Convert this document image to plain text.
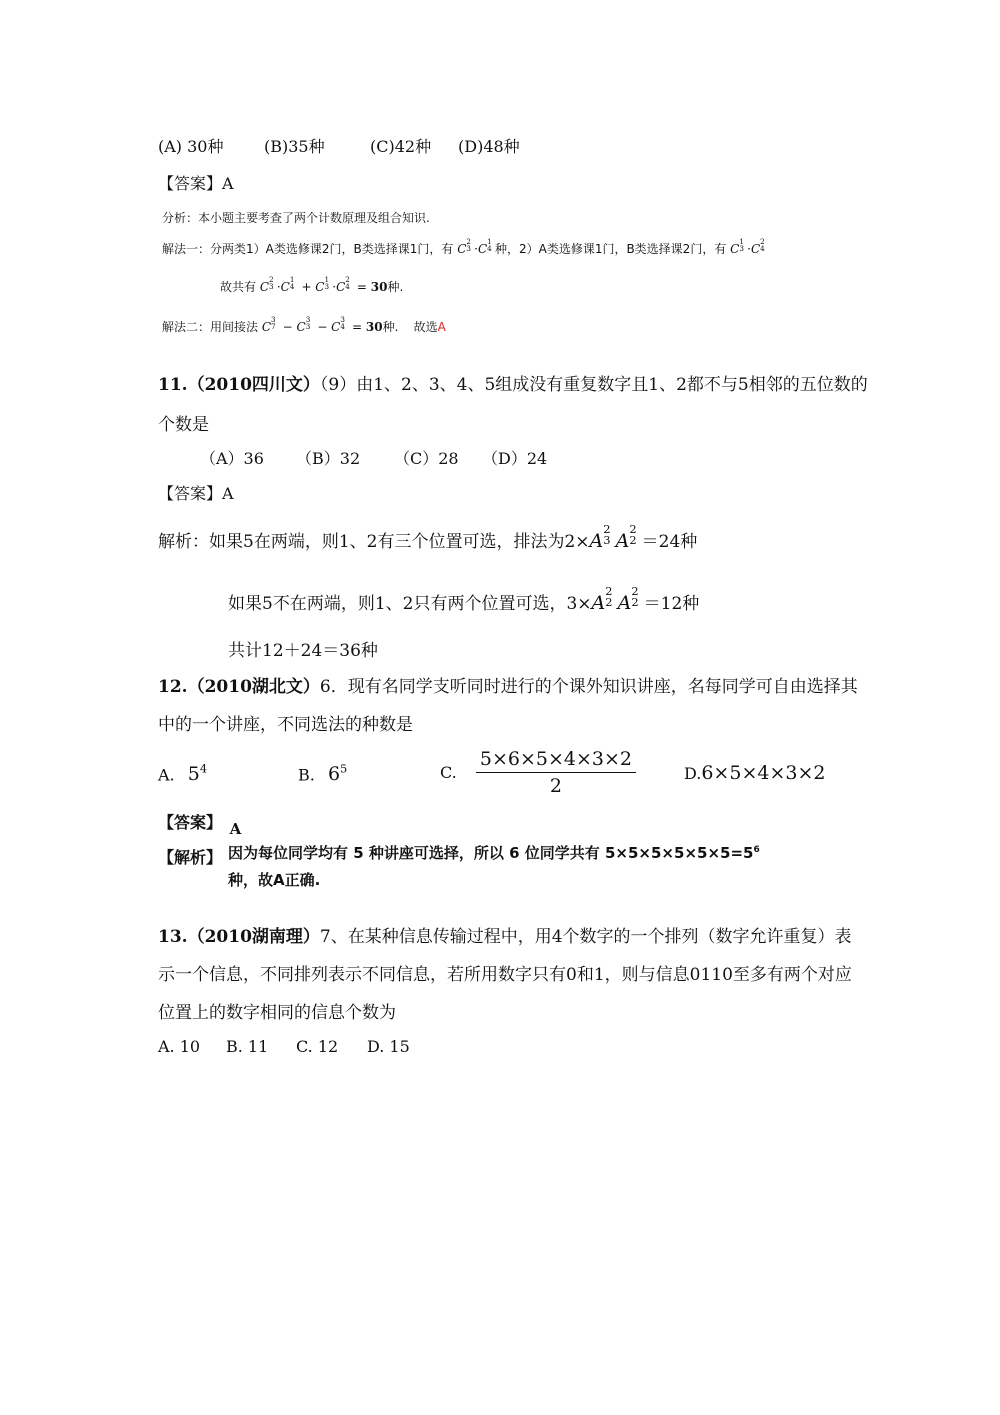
(A) 30种	(B)35种	(C)42种 (D)48种
【答案】A
分析：本小题主要考查了两个计数原理及组合知识.
解法一：分两类1）A类选修课2门，B类选择课1门，有 C
2
3 ·C
1
4 种，2）A类选修课1门，B类选择课2门，有 C
1
3 ·C
2
4
故共有 C
2
3 ·C
1
4 + C
1
3 ·C
2
4 = 30种.
解法二：用间接法 C
3
7 − C
3
3 − C
3
4 = 30种. 故选A
11.（2010四川文）（9）由1、2、3、4、5组成没有重复数字且1、2都不与5相邻的五位数的
个数是
（A）36 （B）32 （C）28 （D）24
【答案】A
解析：如果5在两端，则1、2有三个位置可选，排法为2×A
2
3 A
2
2 ＝24种
如果5不在两端，则1、2只有两个位置可选，3×A
2
2 A
2
2 ＝12种
共计12＋24＝36种
12.（2010湖北文）6．现有名同学支听同时进行的个课外知识讲座，名每同学可自由选择其
中的一个讲座，不同选法的种数是
A. $5^4$	B. $6^5$	C. $\frac{5\times 6\times 5\times 4\times 3\times 2}{2}$	D.6×5×4×3×2
【答案】 A
【解析】 因为每位同学均有 5 种讲座可选择，所以 6 位同学共有 $5\times 5\times 5\times 5\times 5\times 5=5^6$
种，故A正确.
13.（2010湖南理）7、在某种信息传输过程中，用4个数字的一个排列（数字允许重复）表
示一个信息，不同排列表示不同信息，若所用数字只有0和1，则与信息0110至多有两个对应
位置上的数字相同的信息个数为
A. 10 B. 11 C. 12 D. 15
